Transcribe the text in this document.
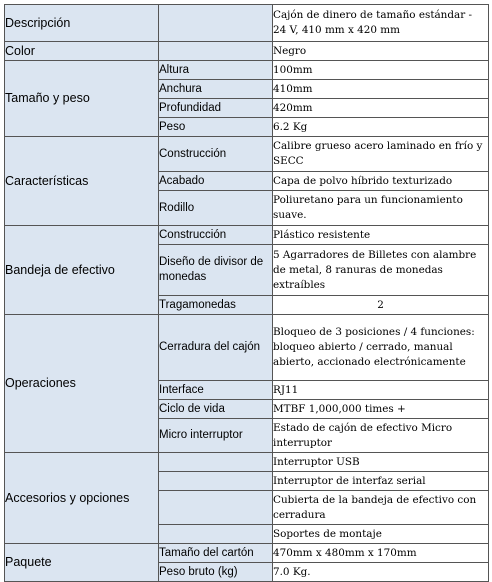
Descripción		Cajón de dinero de tamaño estándar - 24 V, 410 mm x 420 mm
Color		Negro
Tamaño y peso	Altura	100mm
	Anchura	410mm
	Profundidad	420mm
	Peso	6.2 Kg
Características	Construcción	Calibre grueso acero laminado en frío y SECC
	Acabado	Capa de polvo híbrido texturizado
	Rodillo	Poliuretano para un funcionamiento suave.
Bandeja de efectivo	Construcción	Plástico resistente
	Diseño de divisor de monedas	5 Agarradores de Billetes con alambre de metal, 8 ranuras de monedas extraíbles
	Tragamonedas	2
Operaciones	Cerradura del cajón	Bloqueo de 3 posiciones / 4 funciones: bloqueo abierto / cerrado, manual abierto, accionado electrónicamente
	Interface	RJ11
	Ciclo de vida	MTBF 1,000,000 times +
	Micro interruptor	Estado de cajón de efectivo Micro interruptor
Accesorios y opciones		Interruptor USB
		Interruptor de interfaz serial
		Cubierta de la bandeja de efectivo con cerradura
		Soportes de montaje
Paquete	Tamaño del cartón	470mm x 480mm x 170mm
	Peso bruto (kg)	7.0 Kg.
